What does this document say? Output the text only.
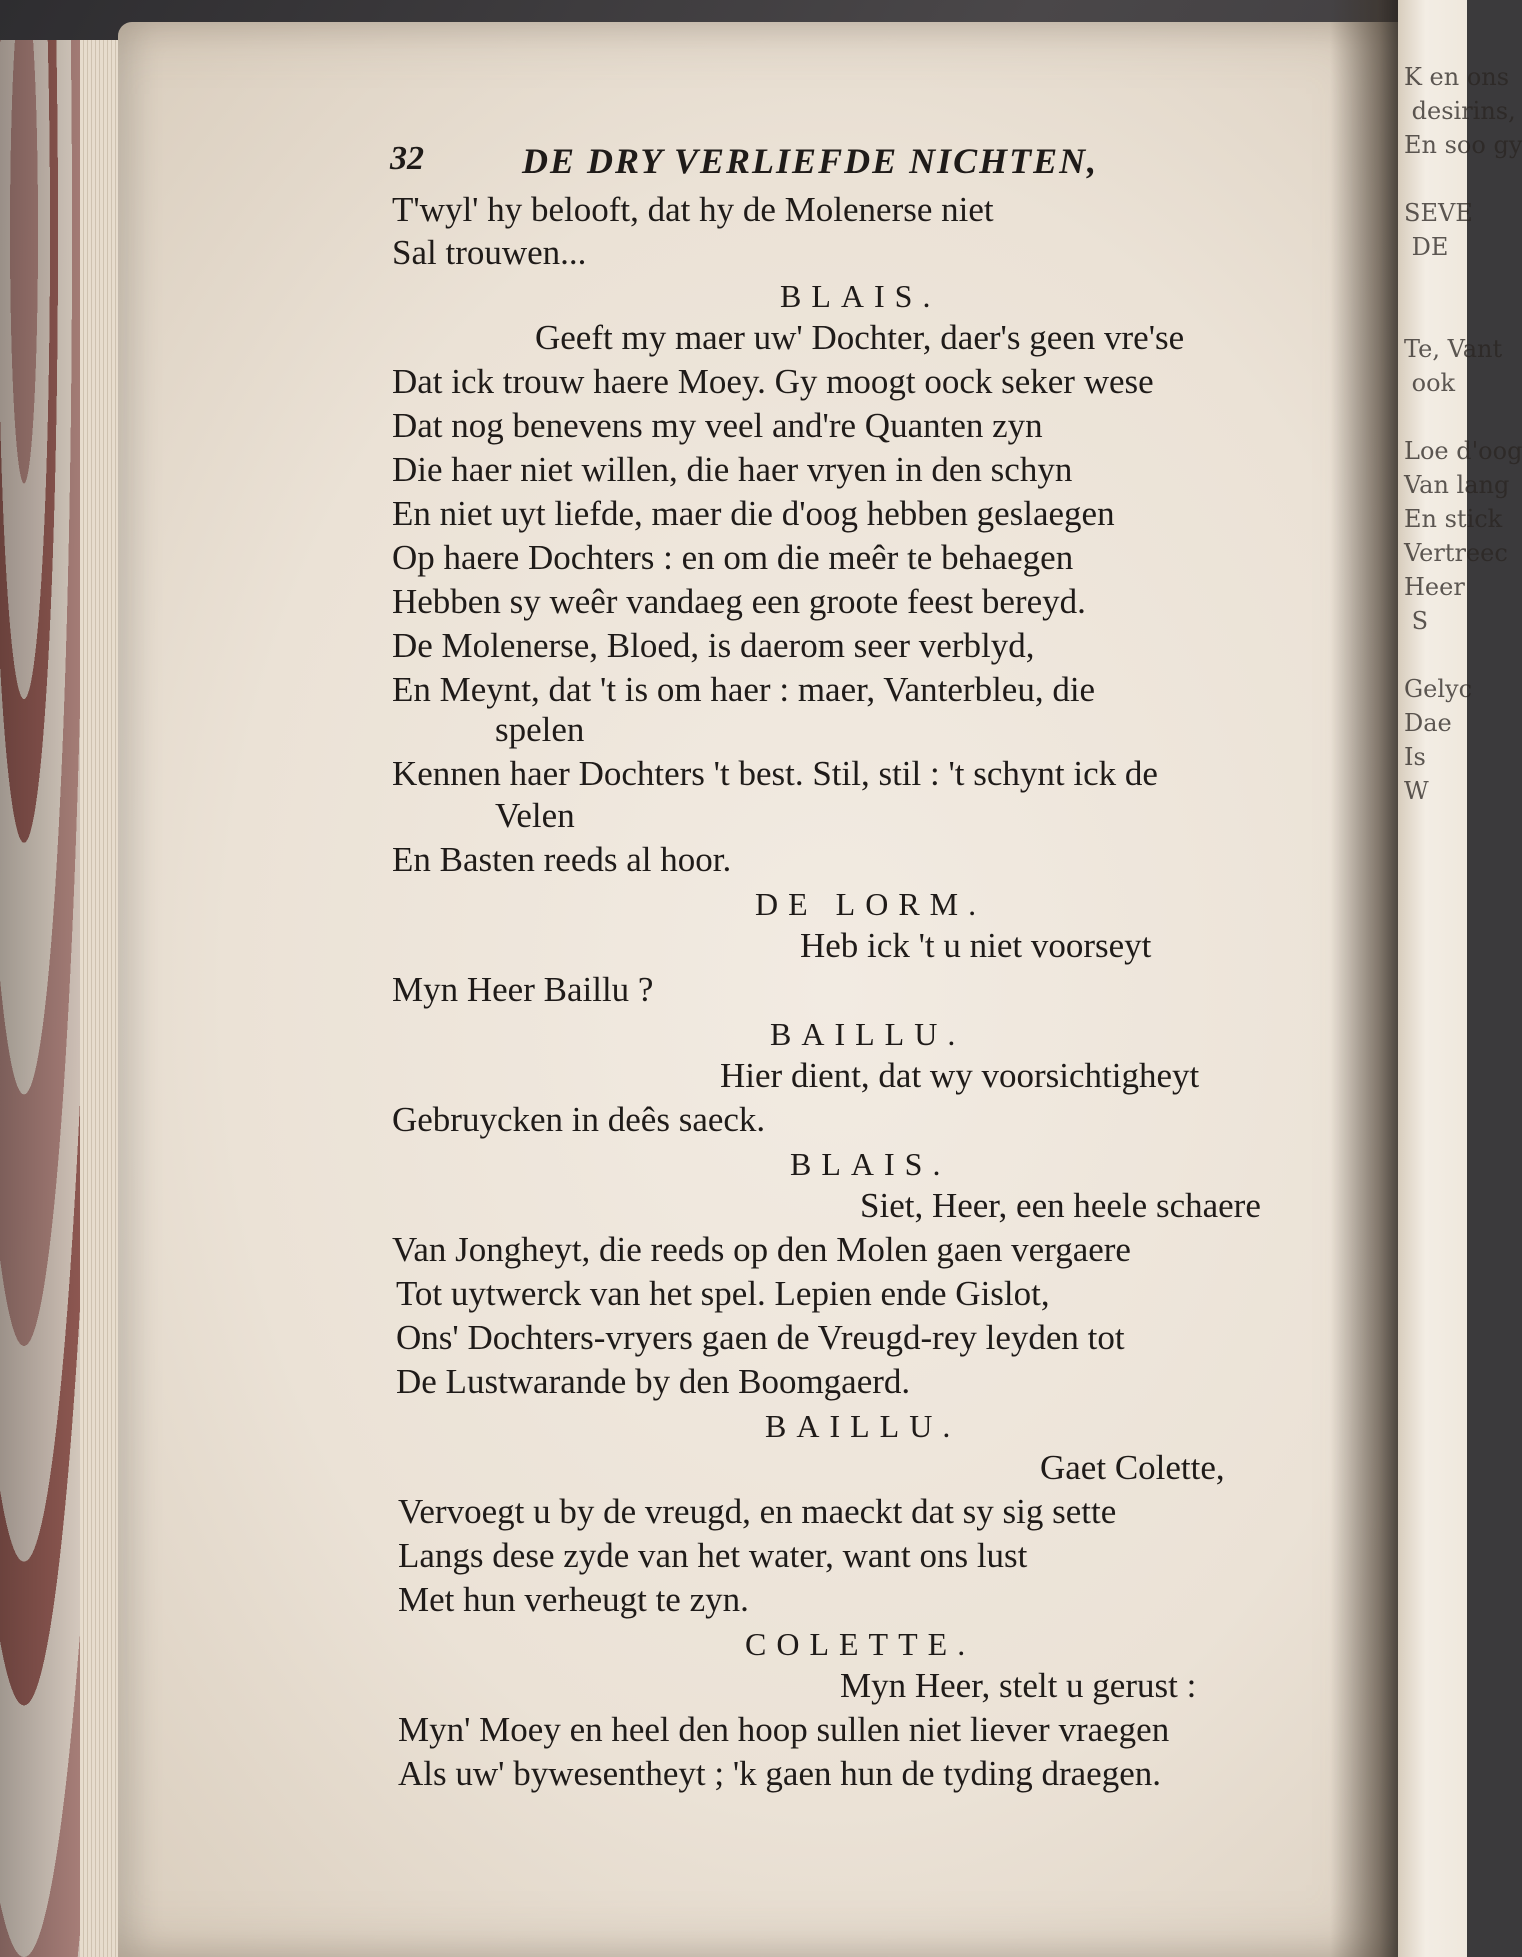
K en ons
desirins,
En soo gy

SEVE
DE

Te, Vant
ook

Loe d'oog
Van lang
En stick
Vertreec
Heer
S

Gelyc
Dae
Is
W
32	DE DRY VERLIEFDE NICHTEN,
T'wyl' hy belooft, dat hy de Molenerse niet
Sal trouwen...
BLAIS.
Geeft my maer uw' Dochter, daer's geen vre'se
Dat ick trouw haere Moey. Gy moogt oock seker wese
Dat nog benevens my veel and're Quanten zyn
Die haer niet willen, die haer vryen in den schyn
En niet uyt liefde, maer die d'oog hebben geslaegen
Op haere Dochters : en om die meêr te behaegen
Hebben sy weêr vandaeg een groote feest bereyd.
De Molenerse, Bloed, is daerom seer verblyd,
En Meynt, dat 't is om haer : maer, Vanterbleu, die
spelen
Kennen haer Dochters 't best. Stil, stil : 't schynt ick de
Velen
En Basten reeds al hoor.
DE LORM.
Heb ick 't u niet voorseyt
Myn Heer Baillu ?
BAILLU.
Hier dient, dat wy voorsichtigheyt
Gebruycken in deês saeck.
BLAIS.
Siet, Heer, een heele schaere
Van Jongheyt, die reeds op den Molen gaen vergaere
Tot uytwerck van het spel. Lepien ende Gislot,
Ons' Dochters-vryers gaen de Vreugd-rey leyden tot
De Lustwarande by den Boomgaerd.
BAILLU.
Gaet Colette,
Vervoegt u by de vreugd, en maeckt dat sy sig sette
Langs dese zyde van het water, want ons lust
Met hun verheugt te zyn.
COLETTE.
Myn Heer, stelt u gerust :
Myn' Moey en heel den hoop sullen niet liever vraegen
Als uw' bywesentheyt ; 'k gaen hun de tyding draegen.
